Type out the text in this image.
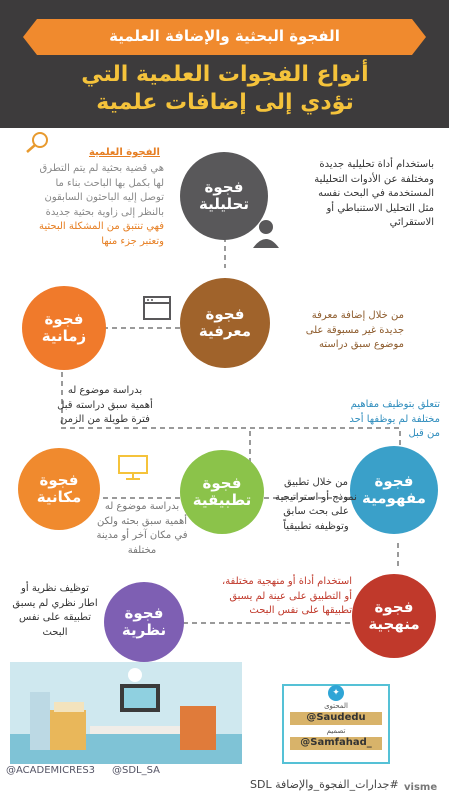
الفجوة البحثية والإضافة العلمية
أنواع الفجوات العلمية التي
تؤدي إلى إضافات علمية
الفجوة العلمية
هي قضية بحثية لم يتم التطرق
لها بكمل بها الباحث بناء ما
توصل إليه الباحثون السابقون
بالنظر إلى زاوية بحثية جديدة
فهي تنتبق من المشكلة البحثية
وتعتبر جزء منها
فجوة
تحليلية
باستخدام أداة تحليلية جديدة
ومختلفة عن الأدوات التحليلية
المستخدمة في البحث نفسه
مثل التحليل الاستنباطي أو
الاستقرائي
فجوة
معرفية
من خلال إضافة معرفة
جديدة غير مسبوقة على
موضوع سبق دراسته
فجوة
زمانية
بدراسة موضوع له
أهمية سبق دراسته قبل
فترة طويلة من الزمن
تتعلق بتوظيف مفاهيم
مختلفة لم يوظفها أحد
من قبل
فجوة
مفهومية
فجوة
تطبيقية
من خلال تطبيق
نموذج أو استراتيجية
على بحث سابق
وتوظيفه تطبيقياً
فجوة
مكانية
بدراسة موضوع له
أهمية سبق بحثه ولكن
في مكان آخر أو مدينة
مختلفة
استخدام أداة أو منهجية مختلفة،
أو التطبيق على عينة لم يسبق
تطبيقها على نفس البحث فجوة
منهجية
توظيف نظرية أو
اطار نظري لم يسبق
تطبيقه على نفس
البحث
فجوة
نظرية
✦
المحتوى
@Saudedu
تصميم
@Samfahad_
@ACADEMICRES3 @SDL_SA
#جدارات_الفجوة_والإضافة SDL visme
